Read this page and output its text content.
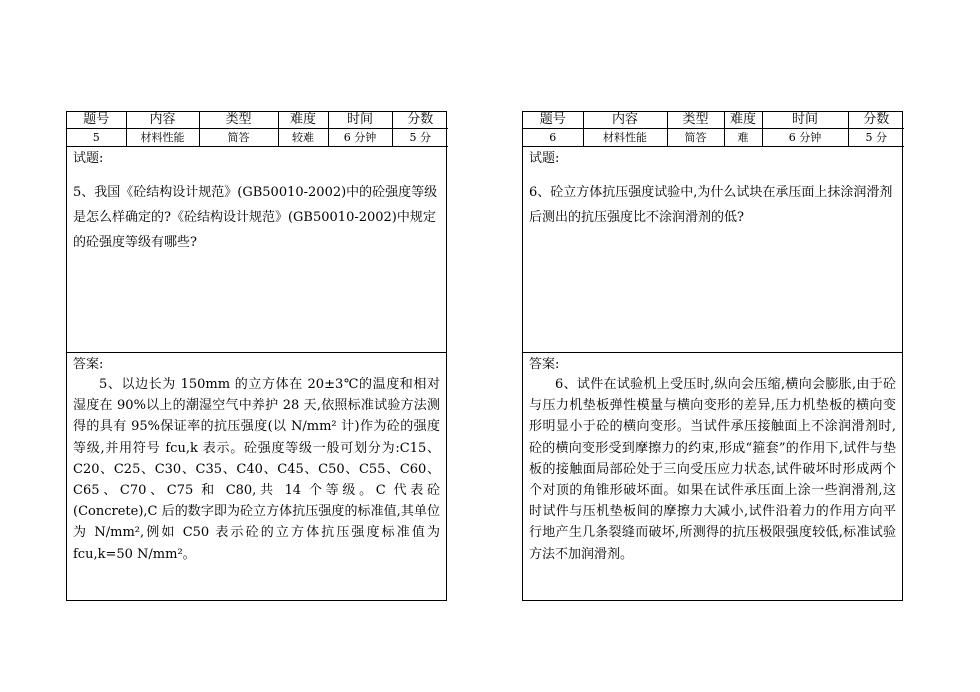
题号	内容	类型	难度	时间	分数
5	材料性能	简答	较难	6 分钟	5 分
试题:
5、我国《砼结构设计规范》(GB50010-2002)中的砼强度等级是怎么样确定的?《砼结构设计规范》(GB50010-2002)中规定的砼强度等级有哪些?
答案:
5、以边长为 150mm 的立方体在 20±3℃的温度和相对湿度在 90%以上的潮湿空气中养护 28 天,依照标准试验方法测得的具有 95%保证率的抗压强度(以 N/mm² 计)作为砼的强度等级,并用符号 fcu,k 表示。砼强度等级一般可划分为:C15、C20、C25、C30、C35、C40、C45、C50、C55、C60、C65、C70、C75 和 C80,共 14 个等级。C 代表砼(Concrete),C 后的数字即为砼立方体抗压强度的标准值,其单位为 N/mm²,例如 C50 表示砼的立方体抗压强度标准值为 fcu,k=50 N/mm²。
题号	内容	类型	难度	时间	分数
6	材料性能	简答	难	6 分钟	5 分
试题:
6、砼立方体抗压强度试验中,为什么试块在承压面上抹涂润滑剂后测出的抗压强度比不涂润滑剂的低?
答案:
6、试件在试验机上受压时,纵向会压缩,横向会膨胀,由于砼与压力机垫板弹性模量与横向变形的差异,压力机垫板的横向变形明显小于砼的横向变形。当试件承压接触面上不涂润滑剂时,砼的横向变形受到摩擦力的约束,形成“箍套”的作用下,试件与垫板的接触面局部砼处于三向受压应力状态,试件破坏时形成两个个对顶的角锥形破坏面。如果在试件承压面上涂一些润滑剂,这时试件与压机垫板间的摩擦力大减小,试件沿着力的作用方向平行地产生几条裂缝而破坏,所测得的抗压极限强度较低,标准试验方法不加润滑剂。
